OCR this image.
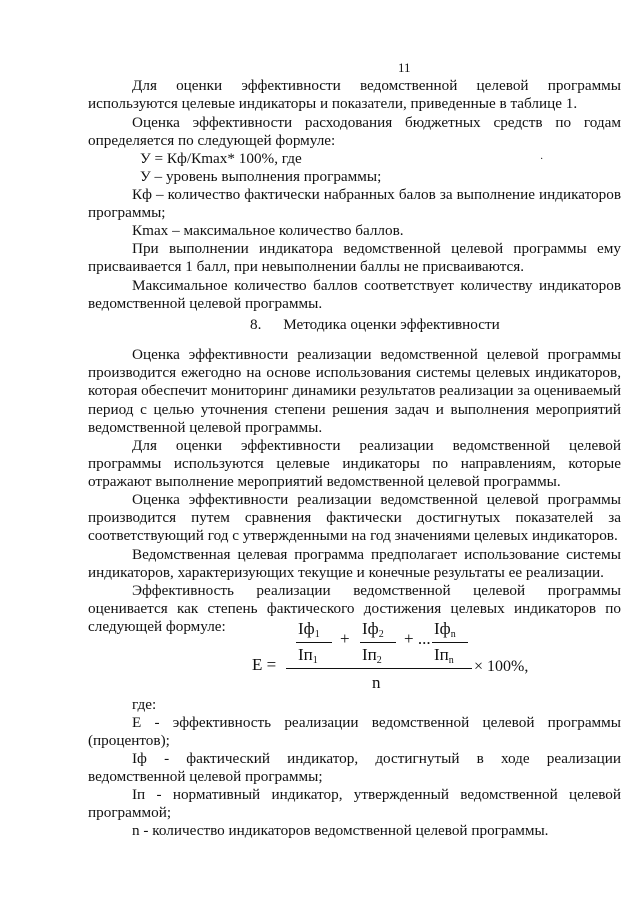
11

Для оценки эффективности ведомственной целевой программы используются целевые индикаторы и показатели, приведенные в таблице 1.

Оценка эффективности расходования бюджетных средств по годам определяется по следующей формуле:

У = Кф/Кmax* 100%, где	·

У – уровень выполнения программы;

Кф – количество фактически набранных балов за выполнение индикаторов программы;

Кmax – максимальное количество баллов.

При выполнении индикатора ведомственной целевой программы ему присваивается 1 балл, при невыполнении баллы не присваиваются.

Максимальное количество баллов соответствует количеству индикаторов ведомственной целевой программы.

8. Методика оценки эффективности

Оценка эффективности реализации ведомственной целевой программы производится ежегодно на основе использования системы целевых индикаторов, которая обеспечит мониторинг динамики результатов реализации за оцениваемый период с целью уточнения степени решения задач и выполнения мероприятий ведомственной целевой программы.

Для оценки эффективности реализации ведомственной целевой программы используются целевые индикаторы по направлениям, которые отражают выполнение мероприятий ведомственной целевой программы.

Оценка эффективности реализации ведомственной целевой программы производится путем сравнения фактически достигнутых показателей за соответствующий год с утвержденными на год значениями целевых индикаторов.

Ведомственная целевая программа предполагает использование системы индикаторов, характеризующих текущие и конечные результаты ее реализации.

Эффективность реализации ведомственной целевой программы оценивается как степень фактического достижения целевых индикаторов по следующей формуле:	$Iф_1$ +
$Iф_2$ + ...
$Iф_n$
$Iп_1$	$Iп_2$	$Iп_n$
E =	× 100%,
n

где:

Е - эффективность реализации ведомственной целевой программы (процентов);

Iф - фактический индикатор, достигнутый в ходе реализации ведомственной целевой программы;

Iп - нормативный индикатор, утвержденный ведомственной целевой программой;

n - количество индикаторов ведомственной целевой программы.
